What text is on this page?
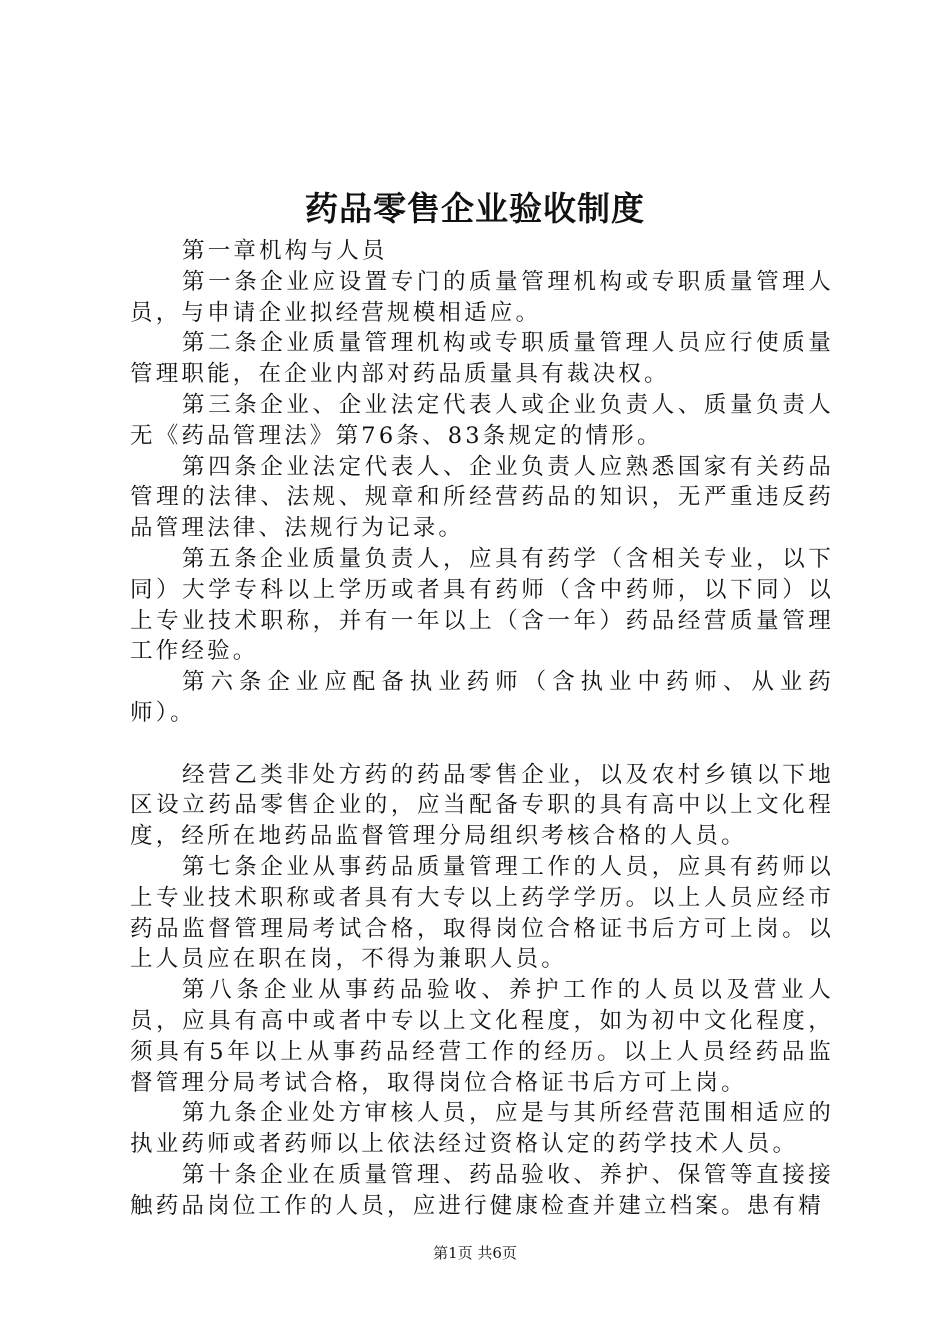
药品零售企业验收制度

第一章机构与人员

第一条企业应设置专门的质量管理机构或专职质量管理人员，与申请企业拟经营规模相适应。

第二条企业质量管理机构或专职质量管理人员应行使质量管理职能，在企业内部对药品质量具有裁决权。

第三条企业、企业法定代表人或企业负责人、质量负责人无《药品管理法》第76条、83条规定的情形。

第四条企业法定代表人、企业负责人应熟悉国家有关药品管理的法律、法规、规章和所经营药品的知识，无严重违反药品管理法律、法规行为记录。

第五条企业质量负责人，应具有药学（含相关专业，以下同）大学专科以上学历或者具有药师（含中药师，以下同）以上专业技术职称，并有一年以上（含一年）药品经营质量管理工作经验。

第六条企业应配备执业药师（含执业中药师、从业药师）。

经营乙类非处方药的药品零售企业，以及农村乡镇以下地区设立药品零售企业的，应当配备专职的具有高中以上文化程度，经所在地药品监督管理分局组织考核合格的人员。

第七条企业从事药品质量管理工作的人员，应具有药师以上专业技术职称或者具有大专以上药学学历。以上人员应经市药品监督管理局考试合格，取得岗位合格证书后方可上岗。以上人员应在职在岗，不得为兼职人员。

第八条企业从事药品验收、养护工作的人员以及营业人员，应具有高中或者中专以上文化程度，如为初中文化程度，须具有5年以上从事药品经营工作的经历。以上人员经药品监督管理分局考试合格，取得岗位合格证书后方可上岗。

第九条企业处方审核人员，应是与其所经营范围相适应的执业药师或者药师以上依法经过资格认定的药学技术人员。

第十条企业在质量管理、药品验收、养护、保管等直接接触药品岗位工作的人员，应进行健康检查并建立档案。患有精

第1页 共6页
